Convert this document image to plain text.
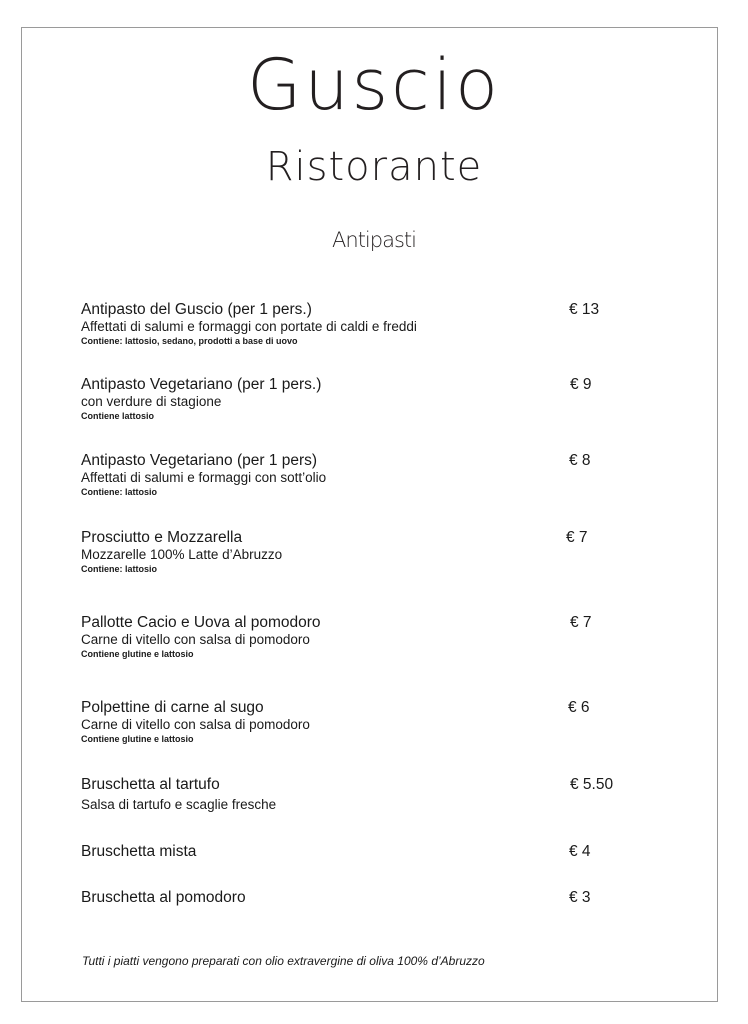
Guscio
Ristorante
Antipasti
Antipasto del Guscio (per 1 pers.)
Affettati di salumi e formaggi con portate di caldi e freddi
Contiene: lattosio, sedano, prodotti a base di uovo
€ 13
Antipasto Vegetariano (per 1 pers.)
con verdure di stagione
Contiene lattosio
€ 9
Antipasto Vegetariano (per 1 pers)
Affettati di salumi e formaggi con sott’olio
Contiene: lattosio
€ 8
Prosciutto e Mozzarella
Mozzarelle 100% Latte d’Abruzzo
Contiene: lattosio
€ 7
Pallotte Cacio e Uova al pomodoro
Carne di vitello con salsa di pomodoro
Contiene glutine e lattosio
€ 7
Polpettine di carne al sugo
Carne di vitello con salsa di pomodoro
Contiene glutine e lattosio
€ 6
Bruschetta al tartufo
Salsa di tartufo e scaglie fresche
€ 5.50
Bruschetta mista	€ 4
Bruschetta al pomodoro	€ 3
Tutti i piatti vengono preparati con olio extravergine di oliva 100% d’Abruzzo
